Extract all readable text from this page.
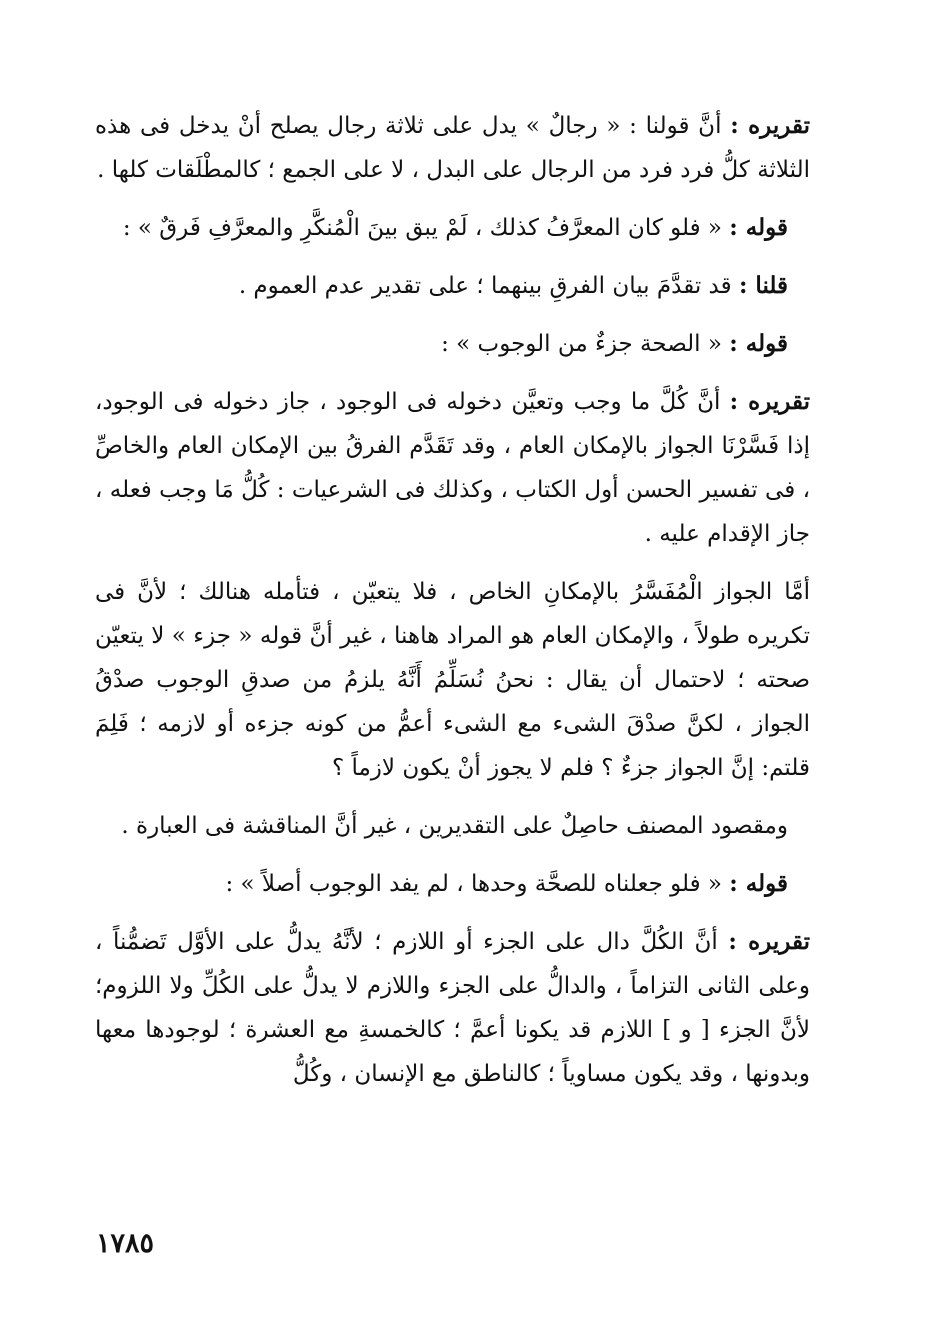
تقريره : أنَّ قولنا : « رجالٌ » يدل على ثلاثة رجال يصلح أنْ يدخل فى هذه الثلاثة كلُّ فرد فرد من الرجال على البدل ، لا على الجمع ؛ كالمطْلَقات كلها .

قوله : « فلو كان المعرَّفُ كذلك ، لَمْ يبق بينَ الْمُنكَّرِ والمعرَّفِ فَرقٌ » :

قلنا : قد تقدَّمَ بيان الفرقِ بينهما ؛ على تقدير عدم العموم .

قوله : « الصحة جزءٌ من الوجوب » :

تقريره : أنَّ كُلَّ ما وجب وتعيَّن دخوله فى الوجود ، جاز دخوله فى الوجود، إذا فَسَّرْنَا الجواز بالإمكان العام ، وقد تَقَدَّم الفرقُ بين الإمكان العام والخاصِّ ، فى تفسير الحسن أول الكتاب ، وكذلك فى الشرعيات : كُلُّ مَا وجب فعله ، جاز الإقدام عليه .

أمَّا الجواز الْمُفَسَّرُ بالإمكانِ الخاص ، فلا يتعيّن ، فتأمله هنالك ؛ لأنَّ فى تكريره طولاً ، والإمكان العام هو المراد هاهنا ، غير أنَّ قوله « جزء » لا يتعيّن صحته ؛ لاحتمال أن يقال : نحنُ نُسَلِّمُ أَنَّهُ يلزمُ من صدقِ الوجوب صدْقُ الجواز ، لكنَّ صدْقَ الشىء مع الشىء أعمُّ من كونه جزءه أو لازمه ؛ فَلِمَ قلتم: إنَّ الجواز جزءٌ ؟ فلم لا يجوز أنْ يكون لازماً ؟

ومقصود المصنف حاصِلٌ على التقديرين ، غير أنَّ المناقشة فى العبارة .

قوله : « فلو جعلناه للصحَّة وحدها ، لم يفد الوجوب أصلاً » :

تقريره : أنَّ الكُلَّ دال على الجزء أو اللازم ؛ لأنَّهُ يدلُّ على الأوَّل تَضمُّناً ، وعلى الثانى التزاماً ، والدالُّ على الجزء واللازم لا يدلُّ على الكُلِّ ولا اللزوم؛ لأنَّ الجزء [ و ] اللازم قد يكونا أعمَّ ؛ كالخمسةِ مع العشرة ؛ لوجودها معها وبدونها ، وقد يكون مساوياً ؛ كالناطق مع الإنسان ، وكُلُّ

١٧٨٥
